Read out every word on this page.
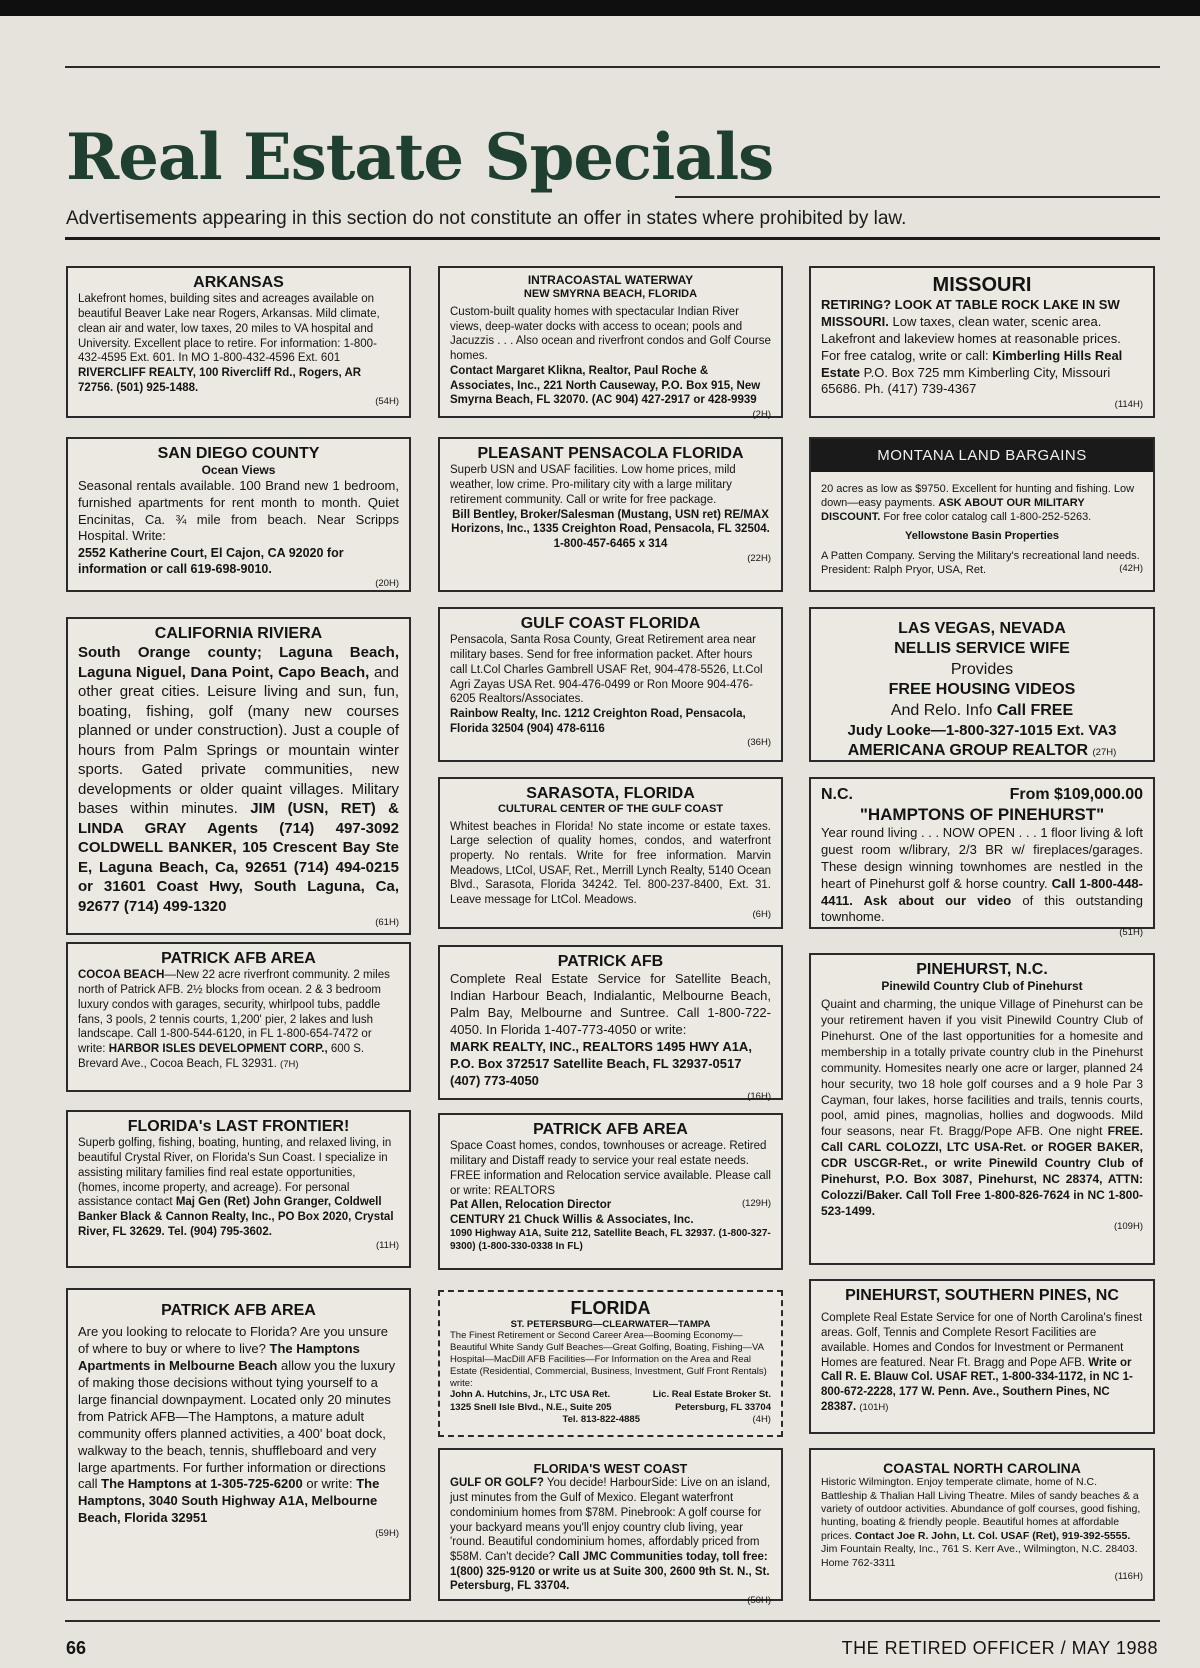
Real Estate Specials
Advertisements appearing in this section do not constitute an offer in states where prohibited by law.
ARKANSAS

Lakefront homes, building sites and acreages available on beautiful Beaver Lake near Rogers, Arkansas. Mild climate, clean air and water, low taxes, 20 miles to VA hospital and University. Excellent place to retire. For information: 1-800-432-4595 Ext. 601. In MO 1-800-432-4596 Ext. 601

RIVERCLIFF REALTY, 100 Rivercliff Rd., Rogers, AR 72756. (501) 925-1488.

(54H)
SAN DIEGO COUNTY
Ocean Views

Seasonal rentals available. 100 Brand new 1 bedroom, furnished apartments for rent month to month. Quiet Encinitas, Ca. ¾ mile from beach. Near Scripps Hospital. Write:

2552 Katherine Court, El Cajon, CA 92020 for information or call 619-698-9010.

(20H)
CALIFORNIA RIVIERA

South Orange county; Laguna Beach, Laguna Niguel, Dana Point, Capo Beach, and other great cities. Leisure living and sun, fun, boating, fishing, golf (many new courses planned or under construction). Just a couple of hours from Palm Springs or mountain winter sports. Gated private communities, new developments or older quaint villages. Military bases within minutes. JIM (USN, RET) & LINDA GRAY Agents (714) 497-3092 COLDWELL BANKER, 105 Crescent Bay Ste E, Laguna Beach, Ca, 92651 (714) 494-0215 or 31601 Coast Hwy, South Laguna, Ca, 92677 (714) 499-1320

(61H)
PATRICK AFB AREA

COCOA BEACH—New 22 acre riverfront community. 2 miles north of Patrick AFB. 2½ blocks from ocean. 2 & 3 bedroom luxury condos with garages, security, whirlpool tubs, paddle fans, 3 pools, 2 tennis courts, 1,200' pier, 2 lakes and lush landscape. Call 1-800-544-6120, in FL 1-800-654-7472 or write: HARBOR ISLES DEVELOPMENT CORP., 600 S. Brevard Ave., Cocoa Beach, FL 32931. (7H)

FLORIDA's LAST FRONTIER!

Superb golfing, fishing, boating, hunting, and relaxed living, in beautiful Crystal River, on Florida's Sun Coast. I specialize in assisting military families find real estate opportunities, (homes, income property, and acreage). For personal assistance contact Maj Gen (Ret) John Granger, Coldwell Banker Black & Cannon Realty, Inc., PO Box 2020, Crystal River, FL 32629. Tel. (904) 795-3602.

(11H)
PATRICK AFB AREA

Are you looking to relocate to Florida? Are you unsure of where to buy or where to live? The Hamptons Apartments in Melbourne Beach allow you the luxury of making those decisions without tying yourself to a large financial downpayment. Located only 20 minutes from Patrick AFB—The Hamptons, a mature adult community offers planned activities, a 400' boat dock, walkway to the beach, tennis, shuffleboard and very large apartments. For further information or directions call The Hamptons at 1-305-725-6200 or write: The Hamptons, 3040 South Highway A1A, Melbourne Beach, Florida 32951

(59H)
INTRACOASTAL WATERWAY
NEW SMYRNA BEACH, FLORIDA

Custom-built quality homes with spectacular Indian River views, deep-water docks with access to ocean; pools and Jacuzzis . . . Also ocean and riverfront condos and Golf Course homes.

Contact Margaret Klikna, Realtor, Paul Roche & Associates, Inc., 221 North Causeway, P.O. Box 915, New Smyrna Beach, FL 32070. (AC 904) 427-2917 or 428-9939

(2H)
PLEASANT PENSACOLA FLORIDA

Superb USN and USAF facilities. Low home prices, mild weather, low crime. Pro-military city with a large military retirement community. Call or write for free package.

Bill Bentley, Broker/Salesman (Mustang, USN ret) RE/MAX Horizons, Inc., 1335 Creighton Road, Pensacola, FL 32504. 1-800-457-6465 x 314

(22H)
GULF COAST FLORIDA

Pensacola, Santa Rosa County, Great Retirement area near military bases. Send for free information packet. After hours call Lt.Col Charles Gambrell USAF Ret, 904-478-5526, Lt.Col Agri Zayas USA Ret. 904-476-0499 or Ron Moore 904-476-6205 Realtors/Associates.

Rainbow Realty, Inc. 1212 Creighton Road, Pensacola, Florida 32504 (904) 478-6116

(36H)
SARASOTA, FLORIDA
CULTURAL CENTER OF THE GULF COAST

Whitest beaches in Florida! No state income or estate taxes. Large selection of quality homes, condos, and waterfront property. No rentals. Write for free information. Marvin Meadows, LtCol, USAF, Ret., Merrill Lynch Realty, 5140 Ocean Blvd., Sarasota, Florida 34242. Tel. 800-237-8400, Ext. 31. Leave message for LtCol. Meadows.

(6H)
PATRICK AFB

Complete Real Estate Service for Satellite Beach, Indian Harbour Beach, Indialantic, Melbourne Beach, Palm Bay, Melbourne and Suntree. Call 1-800-722-4050. In Florida 1-407-773-4050 or write:

MARK REALTY, INC., REALTORS 1495 HWY A1A, P.O. Box 372517 Satellite Beach, FL 32937-0517 (407) 773-4050

(16H)
PATRICK AFB AREA

Space Coast homes, condos, townhouses or acreage. Retired military and Distaff ready to service your real estate needs. FREE information and Relocation service available. Please call or write: REALTORS

Pat Allen, Relocation Director	(129H)

CENTURY 21 Chuck Willis & Associates, Inc.

1090 Highway A1A, Suite 212, Satellite Beach, FL 32937. (1-800-327-9300) (1-800-330-0338 In FL)

FLORIDA
ST. PETERSBURG—CLEARWATER—TAMPA

The Finest Retirement or Second Career Area—Booming Economy—Beautiful White Sandy Gulf Beaches—Great Golfing, Boating, Fishing—VA Hospital—MacDill AFB Facilities—For Information on the Area and Real Estate (Residential, Commercial, Business, Investment, Gulf Front Rentals) write:

John A. Hutchins, Jr., LTC USA Ret. 1325 Snell Isle Blvd., N.E., Suite 205
Lic. Real Estate Broker St. Petersburg, FL 33704
Tel. 813-822-4885	(4H)
FLORIDA'S WEST COAST

GULF OR GOLF? You decide! HarbourSide: Live on an island, just minutes from the Gulf of Mexico. Elegant waterfront condominium homes from $78M. Pinebrook: A golf course for your backyard means you'll enjoy country club living, year 'round. Beautiful condominium homes, affordably priced from $58M. Can't decide? Call JMC Communities today, toll free: 1(800) 325-9120 or write us at Suite 300, 2600 9th St. N., St. Petersburg, FL 33704.

(50H)
MISSOURI

RETIRING? LOOK AT TABLE ROCK LAKE IN SW MISSOURI. Low taxes, clean water, scenic area. Lakefront and lakeview homes at reasonable prices. For free catalog, write or call: Kimberling Hills Real Estate P.O. Box 725 mm Kimberling City, Missouri 65686. Ph. (417) 739-4367

(114H)
MONTANA LAND BARGAINS

20 acres as low as $9750. Excellent for hunting and fishing. Low down—easy payments. ASK ABOUT OUR MILITARY DISCOUNT. For free color catalog call 1-800-252-5263.

Yellowstone Basin Properties

A Patten Company. Serving the Military's recreational land needs. President: Ralph Pryor, USA, Ret.	(42H)

LAS VEGAS, NEVADA

NELLIS SERVICE WIFE

Provides

FREE HOUSING VIDEOS

And Relo. Info Call FREE

Judy Looke—1-800-327-1015 Ext. VA3

AMERICANA GROUP REALTOR (27H)

N.C.	From $109,000.00
"HAMPTONS OF PINEHURST"

Year round living . . . NOW OPEN . . . 1 floor living & loft guest room w/library, 2/3 BR w/ fireplaces/garages. These design winning townhomes are nestled in the heart of Pinehurst golf & horse country. Call 1-800-448-4411. Ask about our video of this outstanding townhome.

(51H)
PINEHURST, N.C.
Pinewild Country Club of Pinehurst

Quaint and charming, the unique Village of Pinehurst can be your retirement haven if you visit Pinewild Country Club of Pinehurst. One of the last opportunities for a homesite and membership in a totally private country club in the Pinehurst community. Homesites nearly one acre or larger, planned 24 hour security, two 18 hole golf courses and a 9 hole Par 3 Cayman, four lakes, horse facilities and trails, tennis courts, pool, amid pines, magnolias, hollies and dogwoods. Mild four seasons, near Ft. Bragg/Pope AFB. One night FREE. Call CARL COLOZZI, LTC USA-Ret. or ROGER BAKER, CDR USCGR-Ret., or write Pinewild Country Club of Pinehurst, P.O. Box 3087, Pinehurst, NC 28374, ATTN: Colozzi/Baker. Call Toll Free 1-800-826-7624 in NC 1-800-523-1499.

(109H)
PINEHURST, SOUTHERN PINES, NC

Complete Real Estate Service for one of North Carolina's finest areas. Golf, Tennis and Complete Resort Facilities are available. Homes and Condos for Investment or Permanent Homes are featured. Near Ft. Bragg and Pope AFB. Write or Call R. E. Blauw Col. USAF RET., 1-800-334-1172, in NC 1-800-672-2228, 177 W. Penn. Ave., Southern Pines, NC 28387. (101H)

COASTAL NORTH CAROLINA

Historic Wilmington. Enjoy temperate climate, home of N.C. Battleship & Thalian Hall Living Theatre. Miles of sandy beaches & a variety of outdoor activities. Abundance of golf courses, good fishing, hunting, boating & friendly people. Beautiful homes at affordable prices. Contact Joe R. John, Lt. Col. USAF (Ret), 919-392-5555.

Jim Fountain Realty, Inc., 761 S. Kerr Ave., Wilmington, N.C. 28403. Home 762-3311

(116H)
66	THE RETIRED OFFICER / MAY 1988
